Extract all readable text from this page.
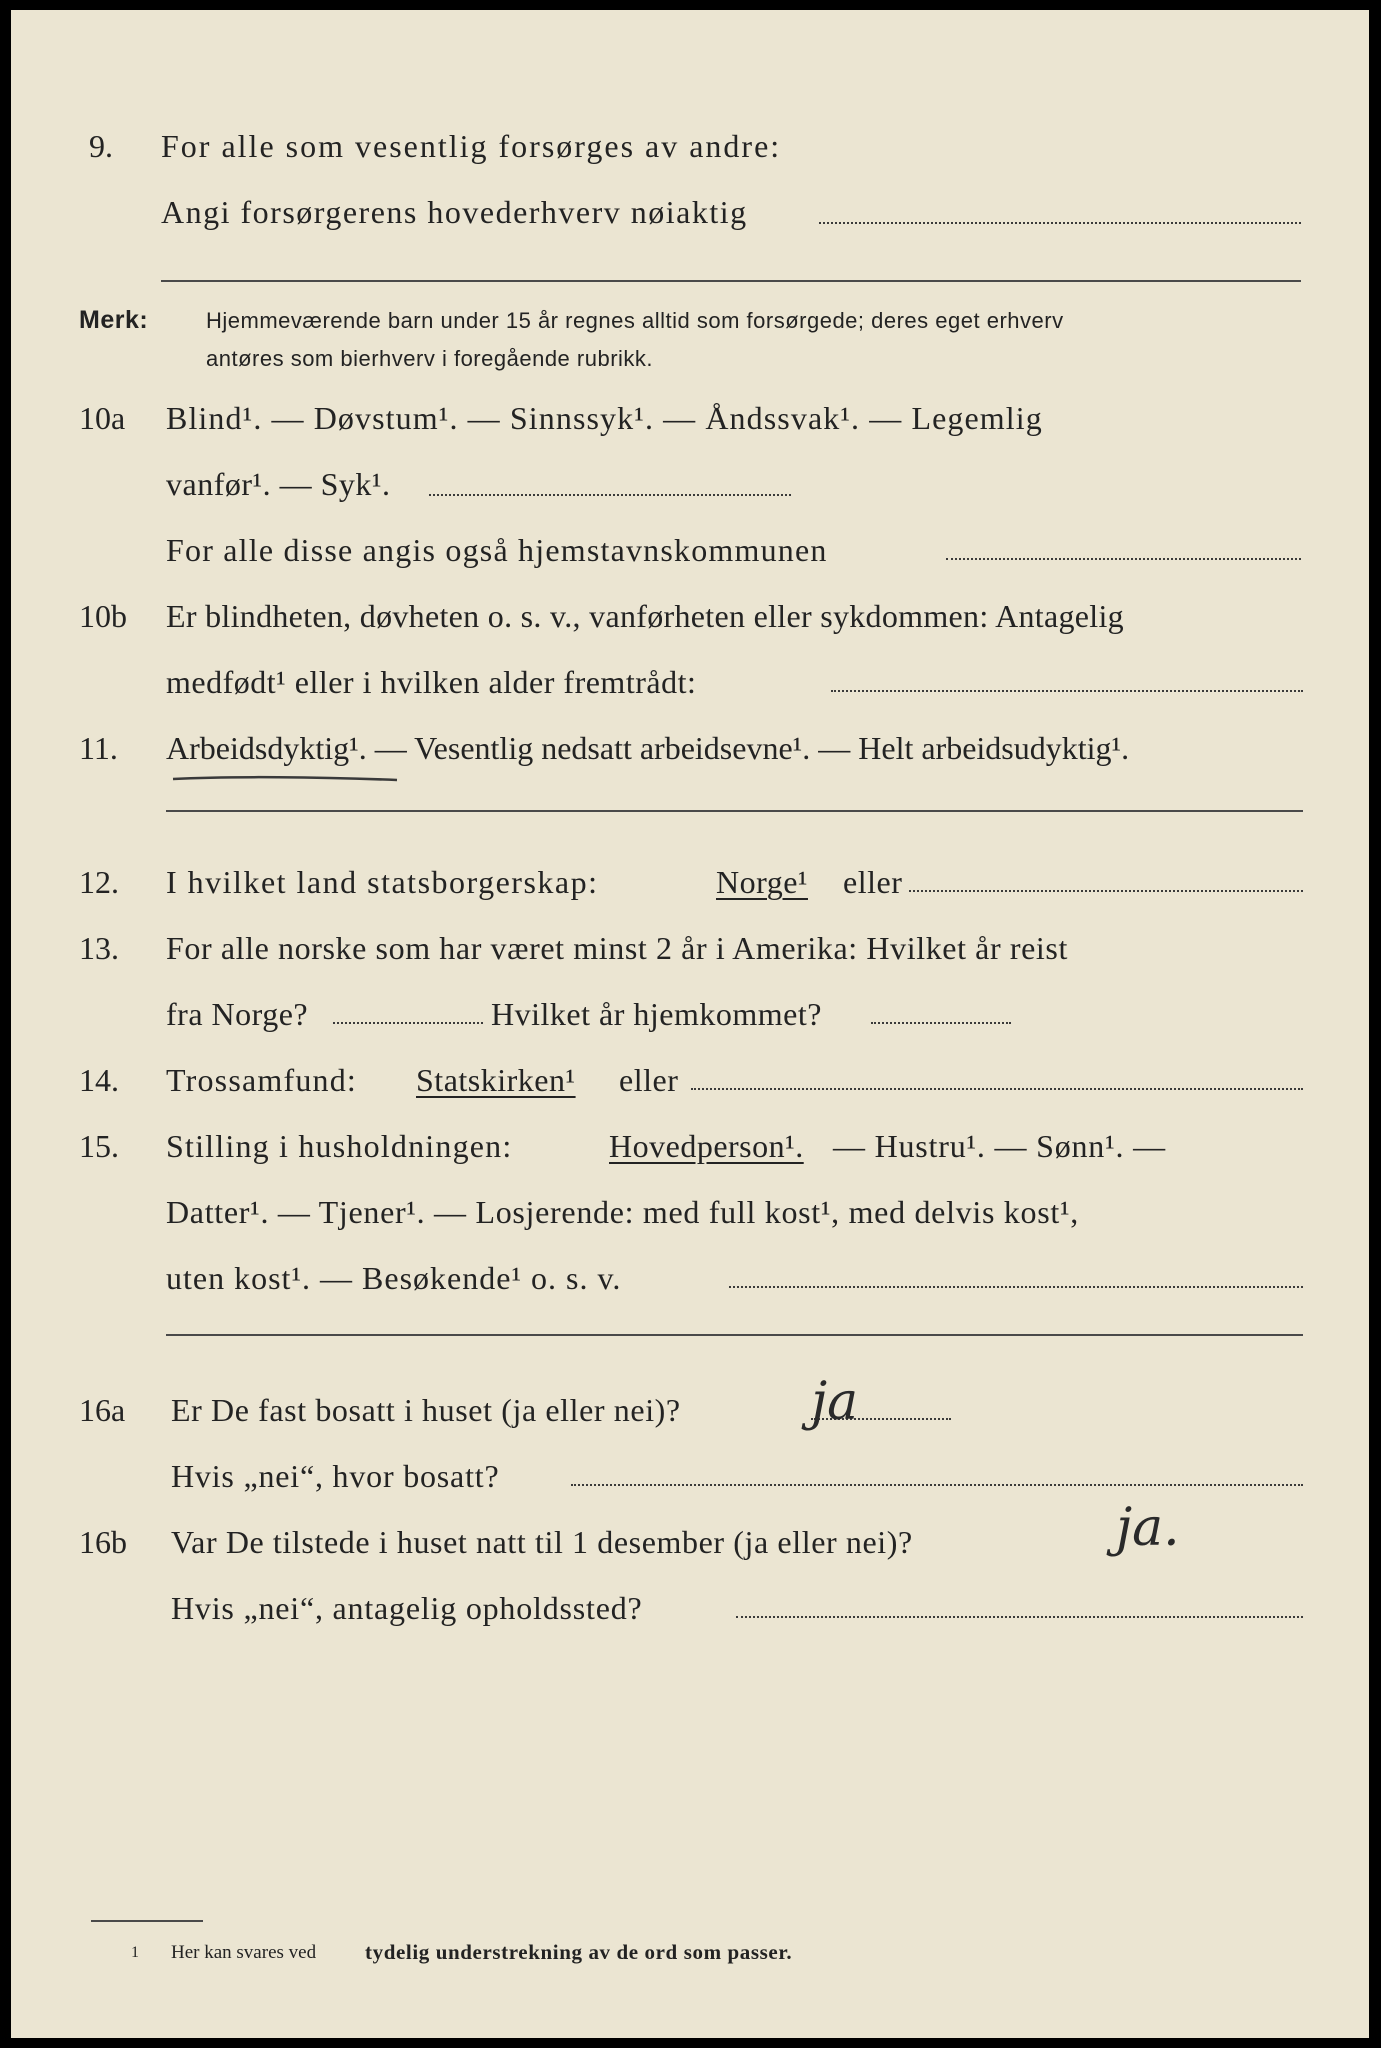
9. For alle som vesentlig forsørges av andre:
Angi forsørgerens hovederhverv nøiaktig
Merk:	Hjemmeværende barn under 15 år regnes alltid som forsørgede; deres eget erhverv
antøres som bierhverv i foregående rubrikk.
10a Blind¹. — Døvstum¹. — Sinnssyk¹. — Åndssvak¹. — Legemlig
vanfør¹. — Syk¹.
For alle disse angis også hjemstavnskommunen
10b Er blindheten, døvheten o. s. v., vanførheten eller sykdommen: Antagelig
medfødt¹ eller i hvilken alder fremtrådt:
11. Arbeidsdyktig¹. — Vesentlig nedsatt arbeidsevne¹. — Helt arbeidsudyktig¹.
12. I hvilket land statsborgerskap:	Norge¹ eller
13. For alle norske som har været minst 2 år i Amerika: Hvilket år reist
fra Norge?	Hvilket år hjemkommet?
14. Trossamfund: Statskirken¹ eller
15. Stilling i husholdningen:	Hovedperson¹. — Hustru¹. — Sønn¹. —
Datter¹. — Tjener¹. — Losjerende: med full kost¹, med delvis kost¹,
uten kost¹. — Besøkende¹ o. s. v.
16a Er De fast bosatt i huset (ja eller nei)?	ja
Hvis „nei“, hvor bosatt?
16b Var De tilstede i huset natt til 1 desember (ja eller nei)?	ja.
Hvis „nei“, antagelig opholdssted?
1 Her kan svares ved tydelig understrekning av de ord som passer.
